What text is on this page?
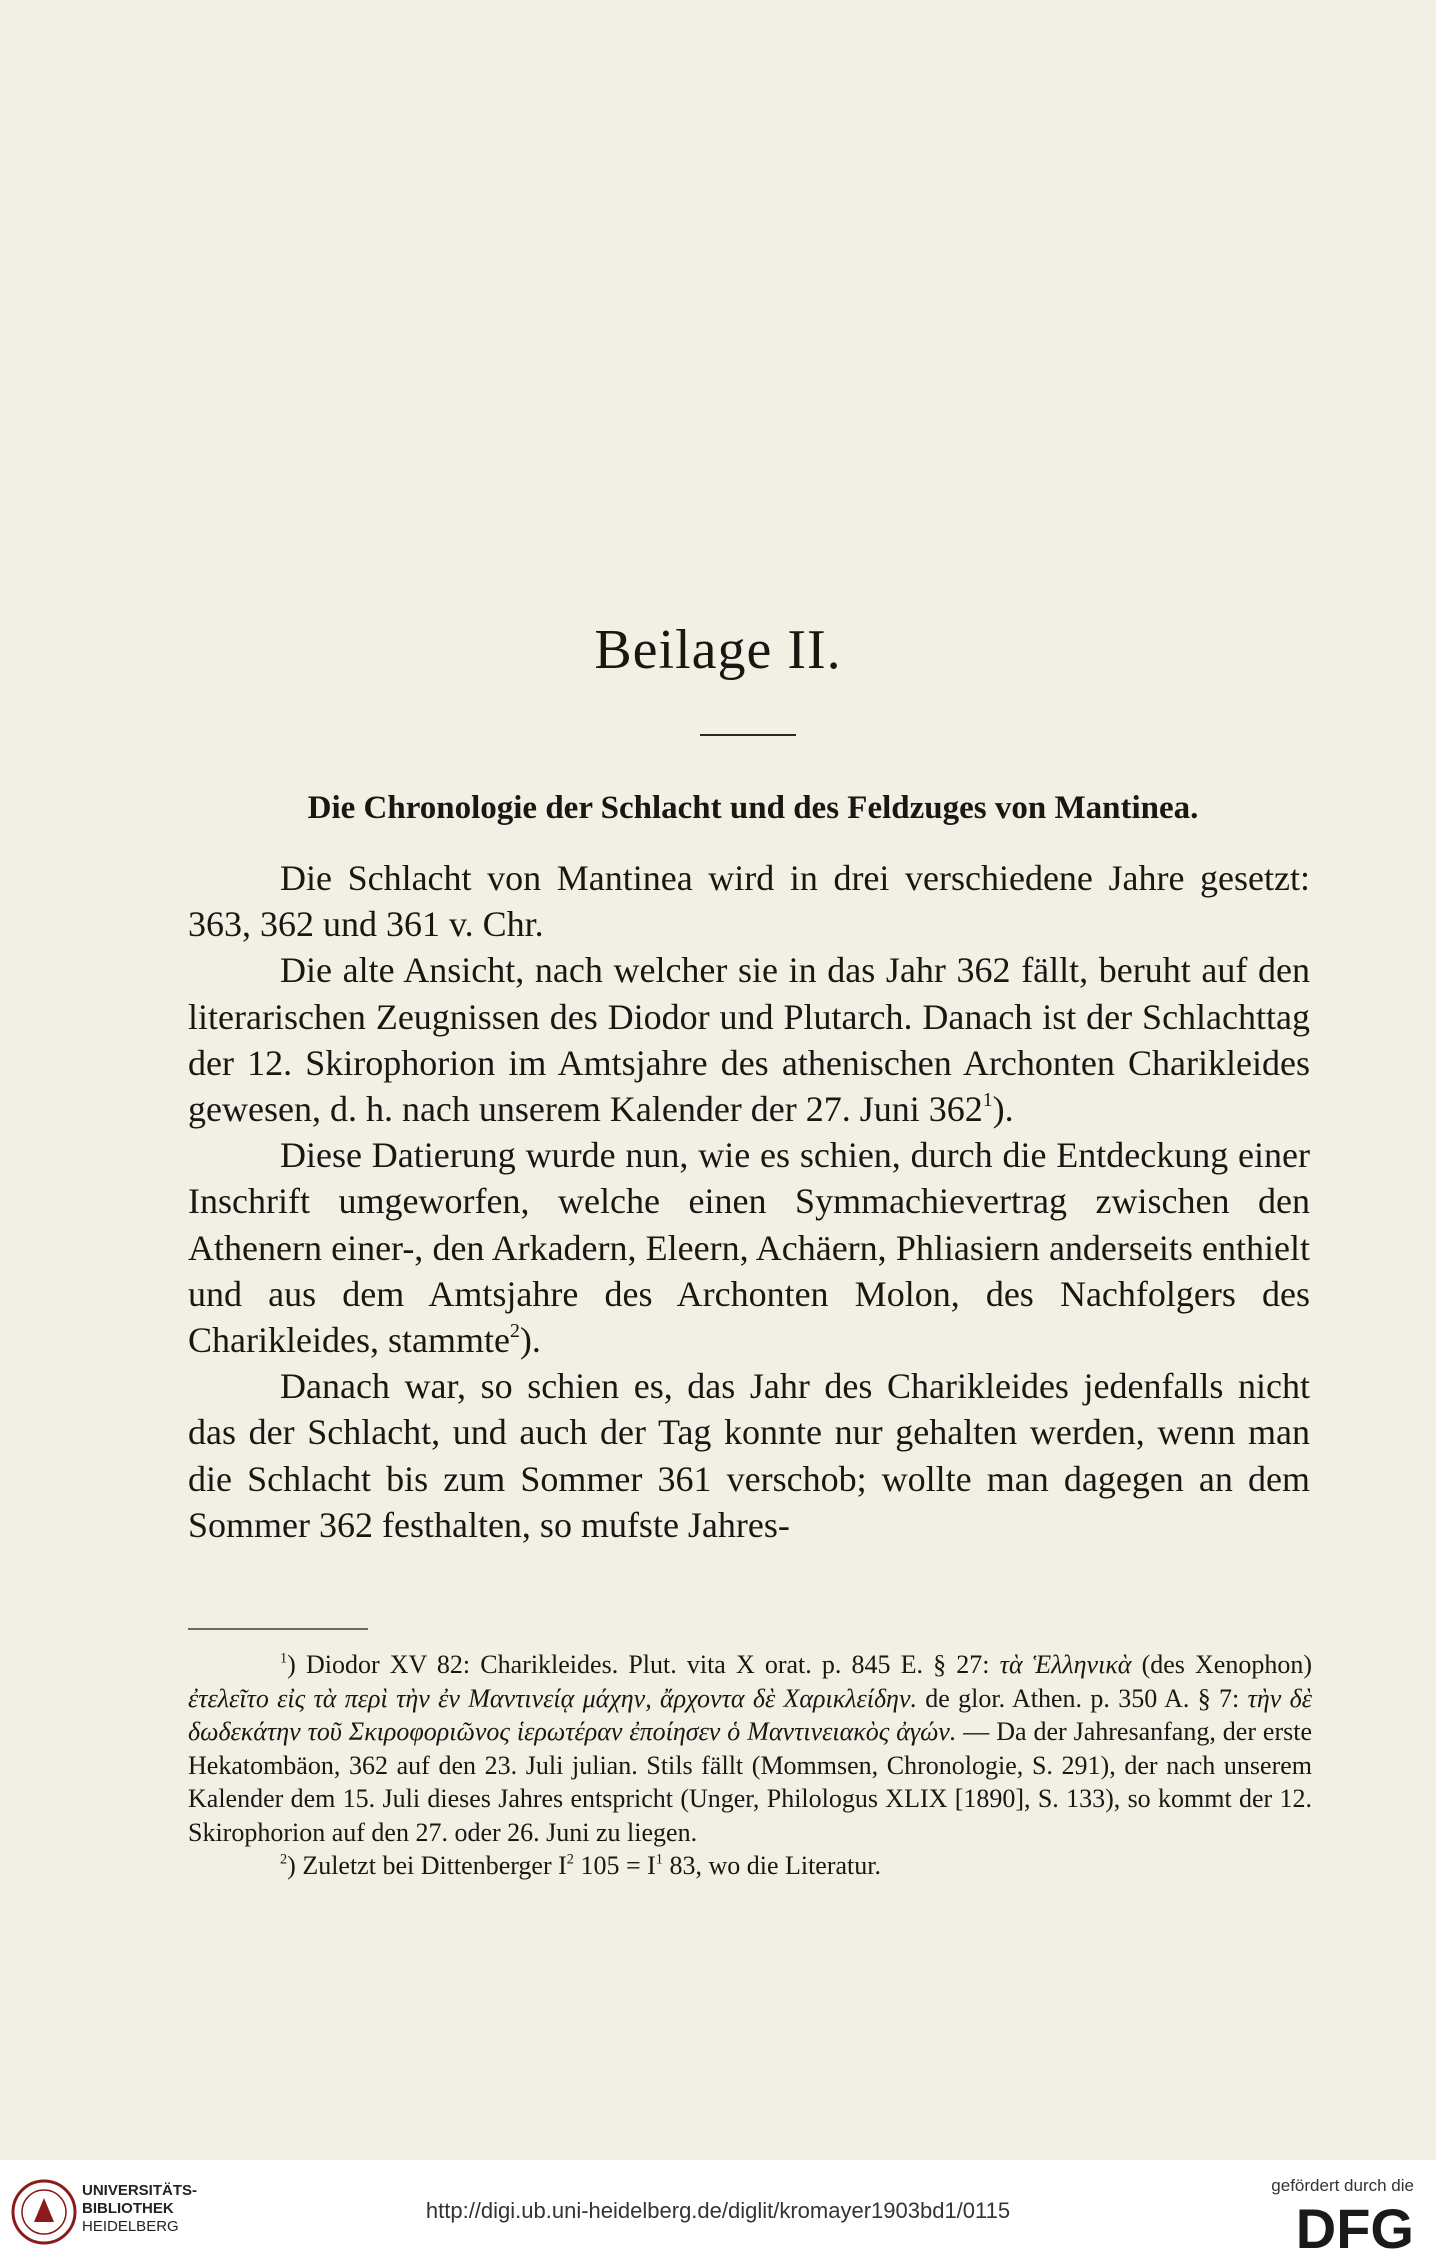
Beilage II.
Die Chronologie der Schlacht und des Feldzuges von Mantinea.

Die Schlacht von Mantinea wird in drei verschiedene Jahre gesetzt: 363, 362 und 361 v. Chr.

Die alte Ansicht, nach welcher sie in das Jahr 362 fällt, beruht auf den literarischen Zeugnissen des Diodor und Plutarch. Danach ist der Schlachttag der 12. Skirophorion im Amtsjahre des athenischen Archonten Charikleides gewesen, d. h. nach unserem Kalender der 27. Juni $362^1$).

Diese Datierung wurde nun, wie es schien, durch die Entdeckung einer Inschrift umgeworfen, welche einen Symmachievertrag zwischen den Athenern einer-, den Arkadern, Eleern, Achäern, Phliasiern anderseits enthielt und aus dem Amtsjahre des Archonten Molon, des Nachfolgers des Charikleides, stammte$^2$).

Danach war, so schien es, das Jahr des Charikleides jedenfalls nicht das der Schlacht, und auch der Tag konnte nur gehalten werden, wenn man die Schlacht bis zum Sommer 361 verschob; wollte man dagegen an dem Sommer 362 festhalten, so mufste Jahres-

$^1$) Diodor XV 82: Charikleides. Plut. vita X orat. p. 845 E. § 27: τὰ Ἑλληνικὰ (des Xenophon) ἐτελεῖτο εἰς τὰ περὶ τὴν ἐν Μαντινείᾳ μάχην, ἄρχοντα δὲ Χαρικλείδην. de glor. Athen. p. 350 A. § 7: τὴν δὲ δωδεκάτην τοῦ Σκιροφοριῶνος ἱερωτέραν ἐποίησεν ὁ Μαντινειακὸς ἀγών. — Da der Jahresanfang, der erste Hekatombäon, 362 auf den 23. Juli julian. Stils fällt (Mommsen, Chronologie, S. 291), der nach unserem Kalender dem 15. Juli dieses Jahres entspricht (Unger, Philologus XLIX [1890], S. 133), so kommt der 12. Skirophorion auf den 27. oder 26. Juni zu liegen.

$^2$) Zuletzt bei Dittenberger $I^2$ $105 = I^1$ 83, wo die Literatur.

UNIVERSITÄTS-
BIBLIOTHEK
HEIDELBERG
http://digi.ub.uni-heidelberg.de/diglit/kromayer1903bd1/0115
gefördert durch die
DFG
